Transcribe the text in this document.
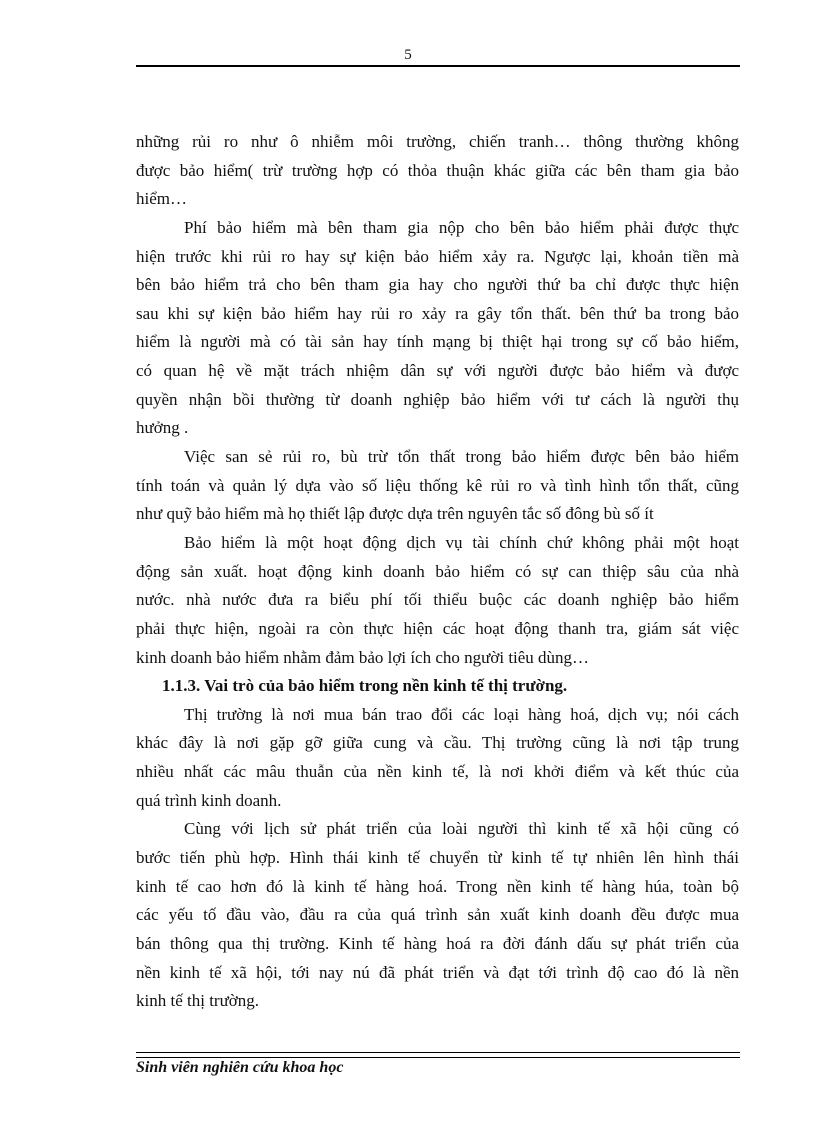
5
những rủi ro như ô nhiễm môi trường, chiến tranh… thông thường không
được bảo hiểm( trừ trường hợp có thỏa thuận khác giữa các bên tham gia bảo
hiểm…
Phí bảo hiểm mà bên tham gia nộp cho bên bảo hiểm phải được thực
hiện trước khi rủi ro hay sự kiện bảo hiểm xảy ra. Ngược lại, khoản tiền mà
bên bảo hiểm trả cho bên tham gia hay cho người thứ ba chỉ được thực hiện
sau khi sự kiện bảo hiểm hay rủi ro xảy ra gây tổn thất. bên thứ ba trong bảo
hiểm là người mà có tài sản hay tính mạng bị thiệt hại trong sự cố bảo hiểm,
có quan hệ về mặt trách nhiệm dân sự với người được bảo hiểm và được
quyền nhận bồi thường từ doanh nghiệp bảo hiểm với tư cách là người thụ
hưởng .
Việc san sẻ rủi ro, bù trừ tổn thất trong bảo hiểm được bên bảo hiểm
tính toán và quản lý dựa vào số liệu thống kê rủi ro và tình hình tổn thất, cũng
như quỹ bảo hiểm mà họ thiết lập được dựa trên nguyên tắc số đông bù số ít
Bảo hiểm là một hoạt động dịch vụ tài chính chứ không phải một hoạt
động sản xuất. hoạt động kinh doanh bảo hiểm có sự can thiệp sâu của nhà
nước. nhà nước đưa ra biểu phí tối thiểu buộc các doanh nghiệp bảo hiểm
phải thực hiện, ngoài ra còn thực hiện các hoạt động thanh tra, giám sát việc
kinh doanh bảo hiểm nhằm đảm bảo lợi ích cho người tiêu dùng…
1.1.3. Vai trò của bảo hiểm trong nền kinh tế thị trường.
Thị trường là nơi mua bán trao đổi các loại hàng hoá, dịch vụ; nói cách
khác đây là nơi gặp gỡ giữa cung và cầu. Thị trường cũng là nơi tập trung
nhiều nhất các mâu thuẫn của nền kinh tế, là nơi khởi điểm và kết thúc của
quá trình kinh doanh.
Cùng với lịch sử phát triển của loài người thì kinh tế xã hội cũng có
bước tiến phù hợp. Hình thái kinh tế chuyển từ kinh tế tự nhiên lên hình thái
kinh tế cao hơn đó là kinh tế hàng hoá. Trong nền kinh tế hàng húa, toàn bộ
các yếu tố đầu vào, đầu ra của quá trình sản xuất kinh doanh đều được mua
bán thông qua thị trường. Kinh tế hàng hoá ra đời đánh dấu sự phát triển của
nền kinh tế xã hội, tới nay nú đã phát triển và đạt tới trình độ cao đó là nền
kinh tế thị trường.
Sinh viên nghiên cứu khoa học
